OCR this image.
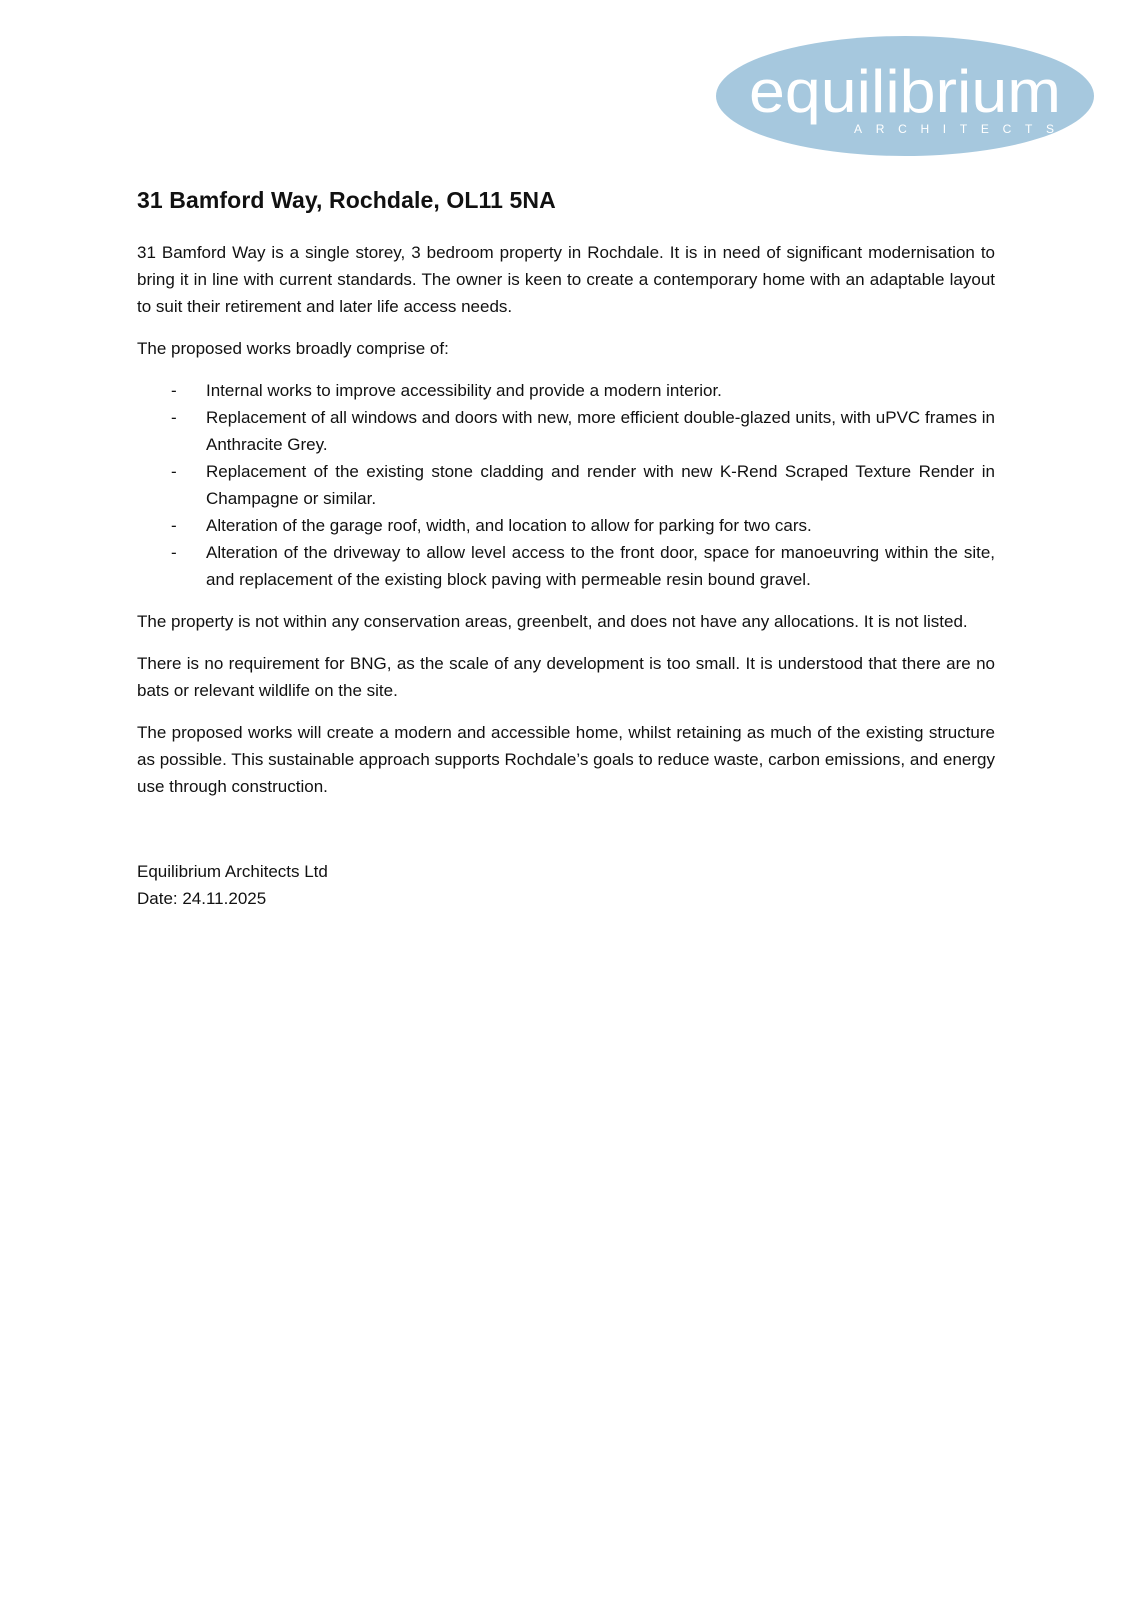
equilibrium
ARCHITECTS
31 Bamford Way, Rochdale, OL11 5NA

31 Bamford Way is a single storey, 3 bedroom property in Rochdale. It is in need of significant modernisation to bring it in line with current standards. The owner is keen to create a contemporary home with an adaptable layout to suit their retirement and later life access needs.

The proposed works broadly comprise of:

- Internal works to improve accessibility and provide a modern interior.
- Replacement of all windows and doors with new, more efficient double-glazed units, with uPVC frames in Anthracite Grey.
- Replacement of the existing stone cladding and render with new K-Rend Scraped Texture Render in Champagne or similar.
- Alteration of the garage roof, width, and location to allow for parking for two cars.
- Alteration of the driveway to allow level access to the front door, space for manoeuvring within the site, and replacement of the existing block paving with permeable resin bound gravel.

The property is not within any conservation areas, greenbelt, and does not have any allocations. It is not listed.

There is no requirement for BNG, as the scale of any development is too small. It is understood that there are no bats or relevant wildlife on the site.

The proposed works will create a modern and accessible home, whilst retaining as much of the existing structure as possible. This sustainable approach supports Rochdale’s goals to reduce waste, carbon emissions, and energy use through construction.

Equilibrium Architects Ltd
Date: 24.11.2025
